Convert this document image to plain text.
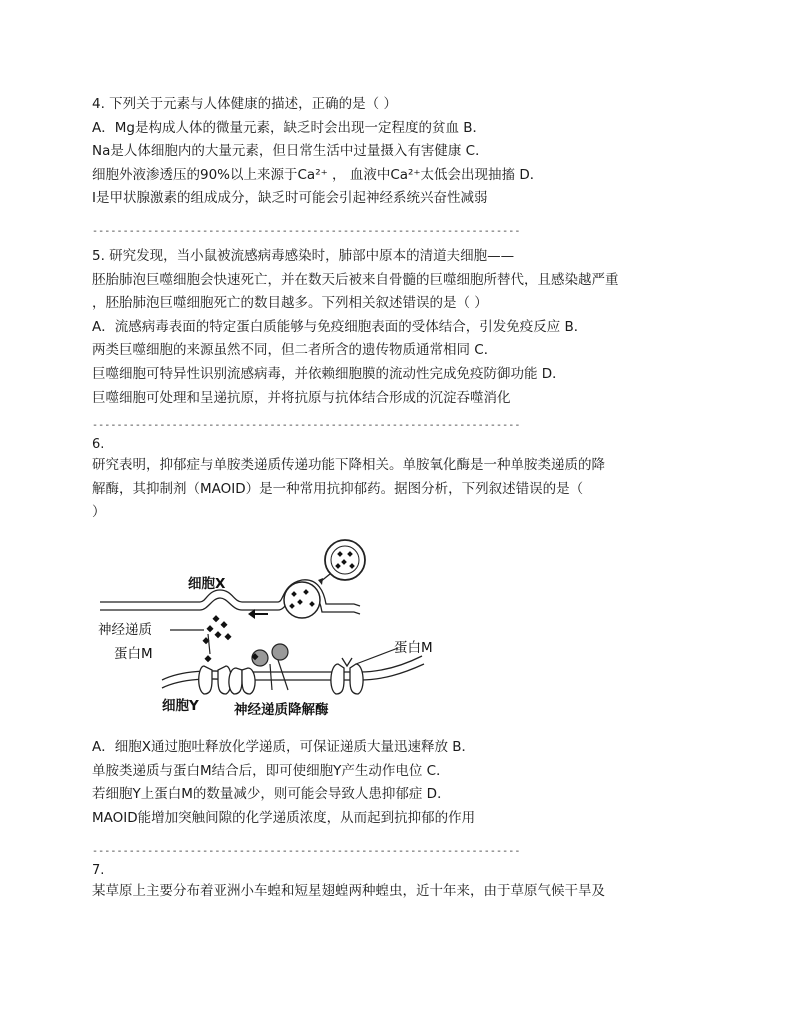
4. 下列关于元素与人体健康的描述，正确的是（ ）
A．Mg是构成人体的微量元素，缺乏时会出现一定程度的贫血 B．
Na是人体细胞内的大量元素，但日常生活中过量摄入有害健康 C．
细胞外液渗透压的90%以上来源于Ca²⁺ ， 血液中Ca²⁺太低会出现抽搐 D．
I是甲状腺激素的组成成分，缺乏时可能会引起神经系统兴奋性减弱
----------------------------------------------------------------------
5. 研究发现，当小鼠被流感病毒感染时，肺部中原本的清道夫细胞——
胚胎肺泡巨噬细胞会快速死亡，并在数天后被来自骨髓的巨噬细胞所替代，且感染越严重
，胚胎肺泡巨噬细胞死亡的数目越多。下列相关叙述错误的是（ ）
A．流感病毒表面的特定蛋白质能够与免疫细胞表面的受体结合，引发免疫反应 B．
两类巨噬细胞的来源虽然不同，但二者所含的遗传物质通常相同 C．
巨噬细胞可特异性识别流感病毒，并依赖细胞膜的流动性完成免疫防御功能 D．
巨噬细胞可处理和呈递抗原，并将抗原与抗体结合形成的沉淀吞噬消化
----------------------------------------------------------------------
6.
研究表明，抑郁症与单胺类递质传递功能下降相关。单胺氧化酶是一种单胺类递质的降
解酶，其抑制剂（MAOID）是一种常用抗抑郁药。据图分析，下列叙述错误的是（
）
细胞X
神经递质
蛋白M	蛋白M
细胞Y	神经递质降解酶
A．细胞X通过胞吐释放化学递质，可保证递质大量迅速释放 B．
单胺类递质与蛋白M结合后，即可使细胞Y产生动作电位 C．
若细胞Y上蛋白M的数量减少，则可能会导致人患抑郁症 D．
MAOID能增加突触间隙的化学递质浓度，从而起到抗抑郁的作用
----------------------------------------------------------------------
7.
某草原上主要分布着亚洲小车蝗和短星翅蝗两种蝗虫，近十年来，由于草原气候干旱及
